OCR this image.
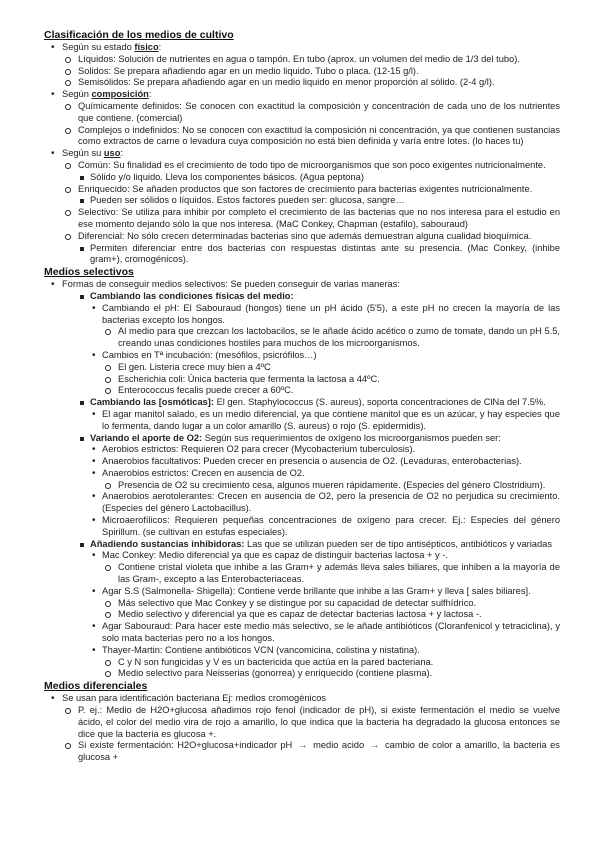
Clasificación de los medios de cultivo
• Según su estado físico:
Líquidos: Solución de nutrientes en agua o tampón. En tubo (aprox. un volumen del medio de 1/3 del tubo).
Solidos: Se prepara añadiendo agar en un medio liquido. Tubo o placa. (12-15 g/l).
Semisólidos: Se prepara añadiendo agar en un medio liquido en menor proporción al sólido. (2-4 g/l).
• Según composición:
Químicamente definidos: Se conocen con exactitud la composición y concentración de cada uno de los nutrientes que contiene. (comercial)
Complejos o indefinidos: No se conocen con exactitud la composición ni concentración, ya que contienen sustancias como extractos de carne o levadura cuya composición no está bien definida y varía entre lotes. (lo haces tu)
• Según su uso:
Común: Su finalidad es el crecimiento de todo tipo de microorganismos que son poco exigentes nutricionalmente.
Sólido y/o liquido. Lleva los componentes básicos. (Agua peptona)
Enriquecido: Se añaden productos que son factores de crecimiento para bacterias exigentes nutricionalmente.
Pueden ser sólidos o líquidos. Estos factores pueden ser: glucosa, sangre…
Selectivo: Se utiliza para inhibir por completo el crecimiento de las bacterias que no nos interesa para el estudio en ese momento dejando sólo la que nos interesa. (MaC Conkey, Chapman (estafilo), sabouraud)
Diferencial: No sólo crecen determinadas bacterias sino que además demuestran alguna cualidad bioquímica.
Permiten diferenciar entre dos bacterias con respuestas distintas ante su presencia. (Mac Conkey, (inhibe gram+), cromogénicos).
Medios selectivos
• Formas de conseguir medios selectivos: Se pueden conseguir de varias maneras:
Cambiando las condiciones físicas del medio:
• Cambiando el pH: El Sabouraud (hongos) tiene un pH ácido (5'5), a este pH no crecen la mayoría de las bacterias excepto los hongos.
Al medio para que crezcan los lactobacilos, se le añade ácido acético o zumo de tomate, dando un pH 5.5, creando unas condiciones hostiles para muchos de los microorganismos.
• Cambios en Tª incubación: (mesófilos, psicrófilos…)
El gen. Listeria crece muy bien a 4ºC
Escherichia coli: Única bacteria que fermenta la lactosa a 44ºC.
Enterococcus fecalis puede crecer a 60ºC.
Cambiando las [osmóticas]: El gen. Staphylococcus (S. aureus), soporta concentraciones de ClNa del 7.5%.
• El agar manitol salado, es un medio diferencial, ya que contiene manitol que es un azúcar, y hay especies que lo fermenta, dando lugar a un color amarillo (S. aureus) o rojo (S. epidermidis).
Variando el aporte de O2: Según sus requerimientos de oxígeno los microorganismos pueden ser:
• Aerobios estrictos: Requieren O2 para crecer (Mycobacterium tuberculosis).
• Anaerobios facultativos: Pueden crecer en presencia o ausencia de O2. (Levaduras, enterobacterias).
• Anaerobios estrictos: Crecen en ausencia de O2.
Presencia de O2 su crecimiento cesa, algunos mueren rápidamente. (Especies del género Clostridium).
• Anaerobios aerotolerantes: Crecen en ausencia de O2, pero la presencia de O2 no perjudica su crecimiento. (Especies del género Lactobacillus).
• Microaerofílicos: Requieren pequeñas concentraciones de oxígeno para crecer. Ej.: Especies del género Spirillum. (se cultivan en estufas especiales).
Añadiendo sustancias inhibidoras: Las que se utilizan pueden ser de tipo antisépticos, antibióticos y variadas
• Mac Conkey: Medio diferencial ya que es capaz de distinguir bacterias lactosa + y -.
Contiene cristal violeta que inhibe a las Gram+ y además lleva sales biliares, que inhiben a la mayoría de las Gram-, excepto a las Enterobacteriaceas.
• Agar S.S (Salmonella- Shigella): Contiene verde brillante que inhibe a las Gram+ y lleva [ sales biliares].
Más selectivo que Mac Conkey y se distingue por su capacidad de detectar sulfhídrico.
Medio selectivo y diferencial ya que es capaz de detectar bacterias lactosa + y lactosa -.
• Agar Sabouraud: Para hacer este medio más selectivo, se le añade antibióticos (Cloranfenicol y tetraciclina), y solo mata bacterias pero no a los hongos.
• Thayer-Martin: Contiene antibióticos VCN (vancomicina, colistina y nistatina).
C y N son fungicidas y V es un bactericida que actúa en la pared bacteriana.
Medio selectivo para Neisserias (gonorrea) y enriquecido (contiene plasma).
Medios diferenciales
• Se usan para identificación bacteriana Ej: medios cromogénicos
P. ej.: Medio de H2O+glucosa añadimos rojo fenol (indicador de pH), si existe fermentación el medio se vuelve ácido, el color del medio vira de rojo a amarillo, lo que indica que la bacteria ha degradado la glucosa entonces se dice que la bacteria es glucosa +.
Si existe fermentación: H2O+glucosa+indicador pH → medio acido → cambio de color a amarillo, la bacteria es glucosa +
